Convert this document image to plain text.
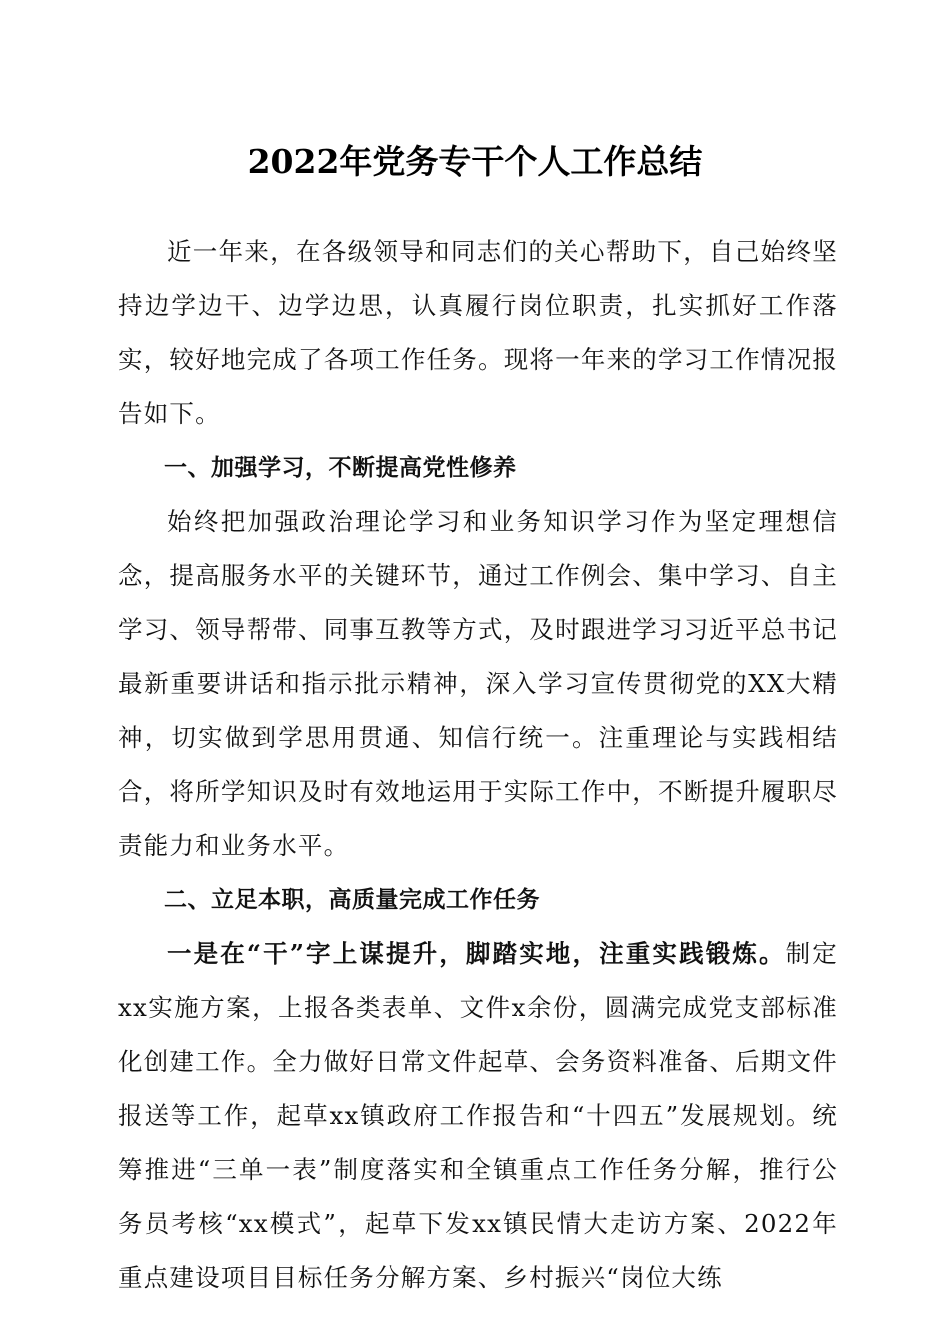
2022年党务专干个人工作总结

近一年来，在各级领导和同志们的关心帮助下，自己始终坚持边学边干、边学边思，认真履行岗位职责，扎实抓好工作落实，较好地完成了各项工作任务。现将一年来的学习工作情况报告如下。

一、加强学习，不断提高党性修养

始终把加强政治理论学习和业务知识学习作为坚定理想信念，提高服务水平的关键环节，通过工作例会、集中学习、自主学习、领导帮带、同事互教等方式，及时跟进学习习近平总书记最新重要讲话和指示批示精神，深入学习宣传贯彻党的XX大精神，切实做到学思用贯通、知信行统一。注重理论与实践相结合，将所学知识及时有效地运用于实际工作中，不断提升履职尽责能力和业务水平。

二、立足本职，高质量完成工作任务

一是在“干”字上谋提升，脚踏实地，注重实践锻炼。制定xx实施方案，上报各类表单、文件x余份，圆满完成党支部标准化创建工作。全力做好日常文件起草、会务资料准备、后期文件报送等工作，起草xx镇政府工作报告和“十四五”发展规划。统筹推进“三单一表”制度落实和全镇重点工作任务分解，推行公务员考核“xx模式”，起草下发xx镇民情大走访方案、2022年重点建设项目目标任务分解方案、乡村振兴“岗位大练
